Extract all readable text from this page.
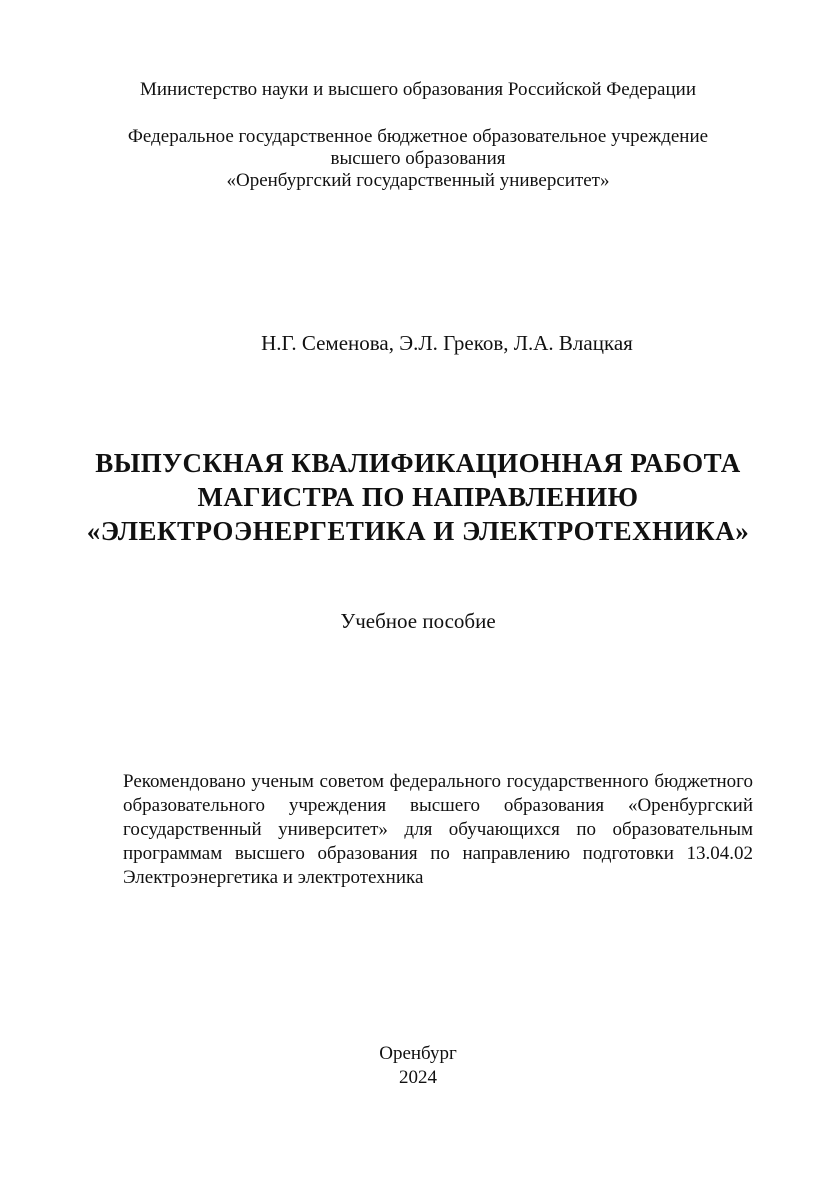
Министерство науки и высшего образования Российской Федерации
Федеральное государственное бюджетное образовательное учреждение
высшего образования
«Оренбургский государственный университет»
Н.Г. Семенова, Э.Л. Греков, Л.А. Влацкая
ВЫПУСКНАЯ КВАЛИФИКАЦИОННАЯ РАБОТА
МАГИСТРА ПО НАПРАВЛЕНИЮ
«ЭЛЕКТРОЭНЕРГЕТИКА И ЭЛЕКТРОТЕХНИКА»
Учебное пособие
Рекомендовано ученым советом федерального государственного бюджетного образовательного учреждения высшего образования «Оренбургский государственный университет» для обучающихся по образовательным программам высшего образования по направлению подготовки 13.04.02 Электроэнергетика и электротехника
Оренбург
2024
